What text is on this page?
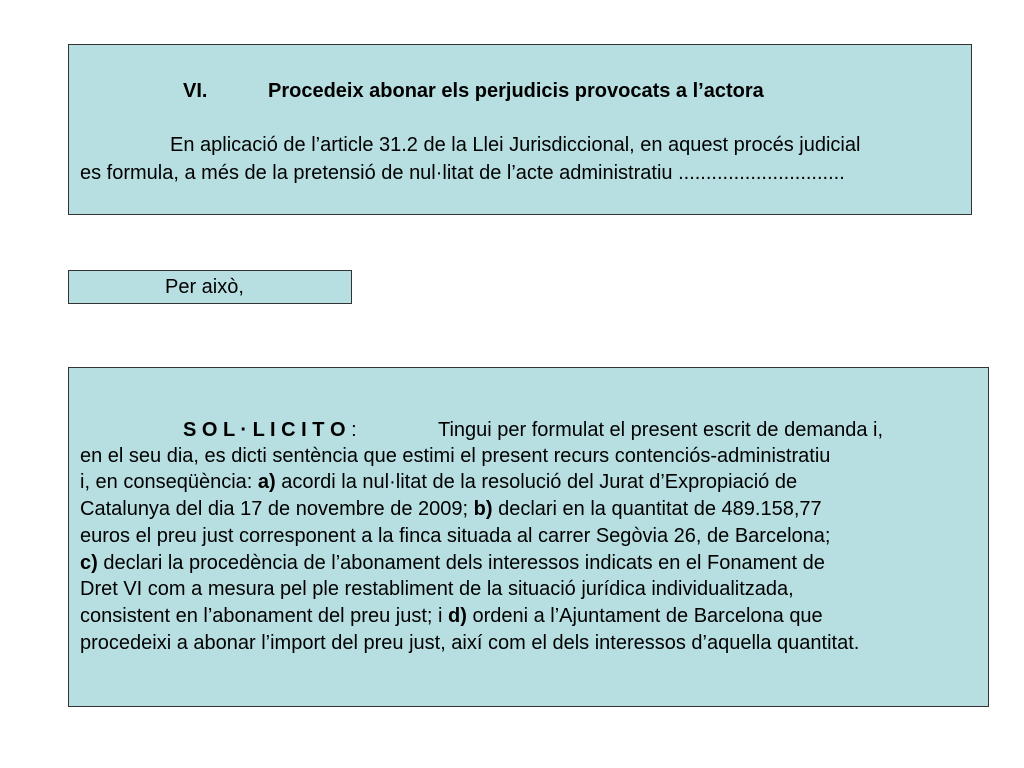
VI.	Procedeix abonar els perjudicis provocats a l’actora
En aplicació de l’article 31.2 de la Llei Jurisdiccional, en aquest procés judicial
es formula, a més de la pretensió de nul·litat de l’acte administratiu ..............................
Per això,
S O L · L I C I T O :	Tingui per formulat el present escrit de demanda i,
en el seu dia, es dicti sentència que estimi el present recurs contenciós-administratiu
i, en conseqüència: a) acordi la nul·litat de la resolució del Jurat d’Expropiació de
Catalunya del dia 17 de novembre de 2009; b) declari en la quantitat de 489.158,77
euros el preu just corresponent a la finca situada al carrer Segòvia 26, de Barcelona;
c) declari la procedència de l’abonament dels interessos indicats en el Fonament de
Dret VI com a mesura pel ple restabliment de la situació jurídica individualitzada,
consistent en l’abonament del preu just; i d) ordeni a l’Ajuntament de Barcelona que
procedeixi a abonar l’import del preu just, així com el dels interessos d’aquella quantitat.
